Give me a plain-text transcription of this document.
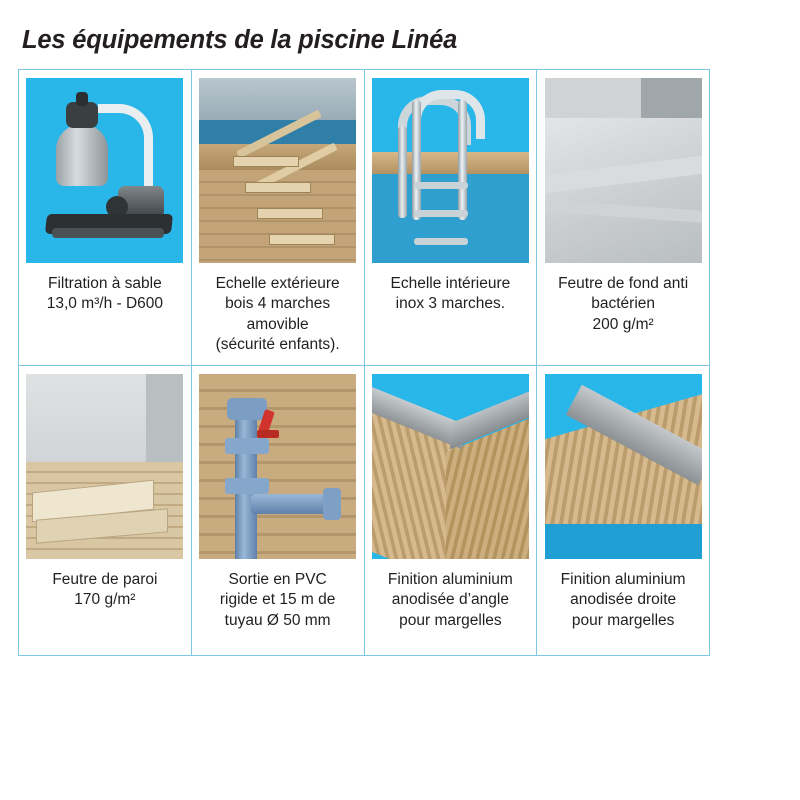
Les équipements de la piscine Linéa
Filtration à sable
13,0 m³/h - D600
Echelle extérieure
bois 4 marches
amovible
(sécurité enfants).
Echelle intérieure
inox 3 marches.
Feutre de fond anti
bactérien
200 g/m²
Feutre de paroi
170 g/m²
Sortie en PVC
rigide et 15 m de
tuyau Ø 50 mm
Finition aluminium
anodisée d’angle
pour margelles
Finition aluminium
anodisée droite
pour margelles
